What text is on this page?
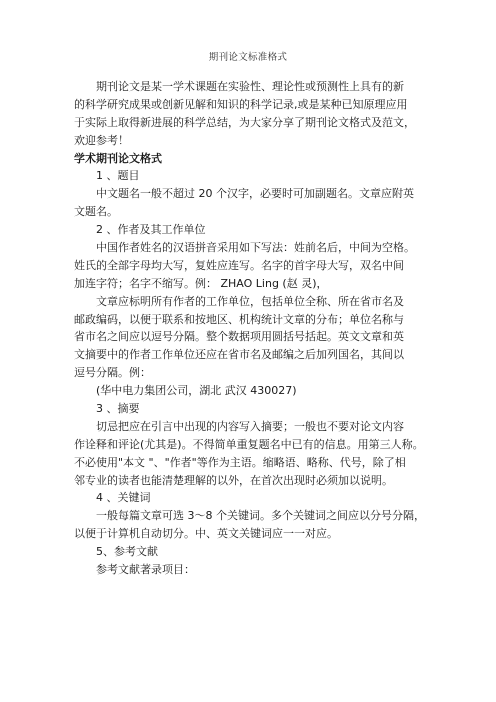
期刊论文标准格式
期刊论文是某一学术课题在实验性、理论性或预测性上具有的新
的科学研究成果或创新见解和知识的科学记录,或是某种已知原理应用
于实际上取得新进展的科学总结，为大家分享了期刊论文格式及范文，
欢迎参考！
学术期刊论文格式
1 、题目
中文题名一般不超过 20 个汉字，必要时可加副题名。文章应附英
文题名。
2 、作者及其工作单位
中国作者姓名的汉语拼音采用如下写法：姓前名后，中间为空格。
姓氏的全部字母均大写，复姓应连写。名字的首字母大写，双名中间
加连字符；名字不缩写。例： ZHAO Ling (赵 灵)，
文章应标明所有作者的工作单位，包括单位全称、所在省市名及
邮政编码，以便于联系和按地区、机构统计文章的分布；单位名称与
省市名之间应以逗号分隔。整个数据项用圆括号括起。英文文章和英
文摘要中的作者工作单位还应在省市名及邮编之后加列国名，其间以
逗号分隔。例：
(华中电力集团公司，湖北 武汉 430027)
3 、摘要
切忌把应在引言中出现的内容写入摘要；一般也不要对论文内容
作诠释和评论(尤其是)。不得简单重复题名中已有的信息。用第三人称。
不必使用"本文 "、"作者"等作为主语。缩略语、略称、代号，除了相
邻专业的读者也能清楚理解的以外，在首次出现时必须加以说明。
4 、关键词
一般每篇文章可选 3～8 个关键词。多个关键词之间应以分号分隔，
以便于计算机自动切分。中、英文关键词应一一对应。
5、参考文献
参考文献著录项目：
